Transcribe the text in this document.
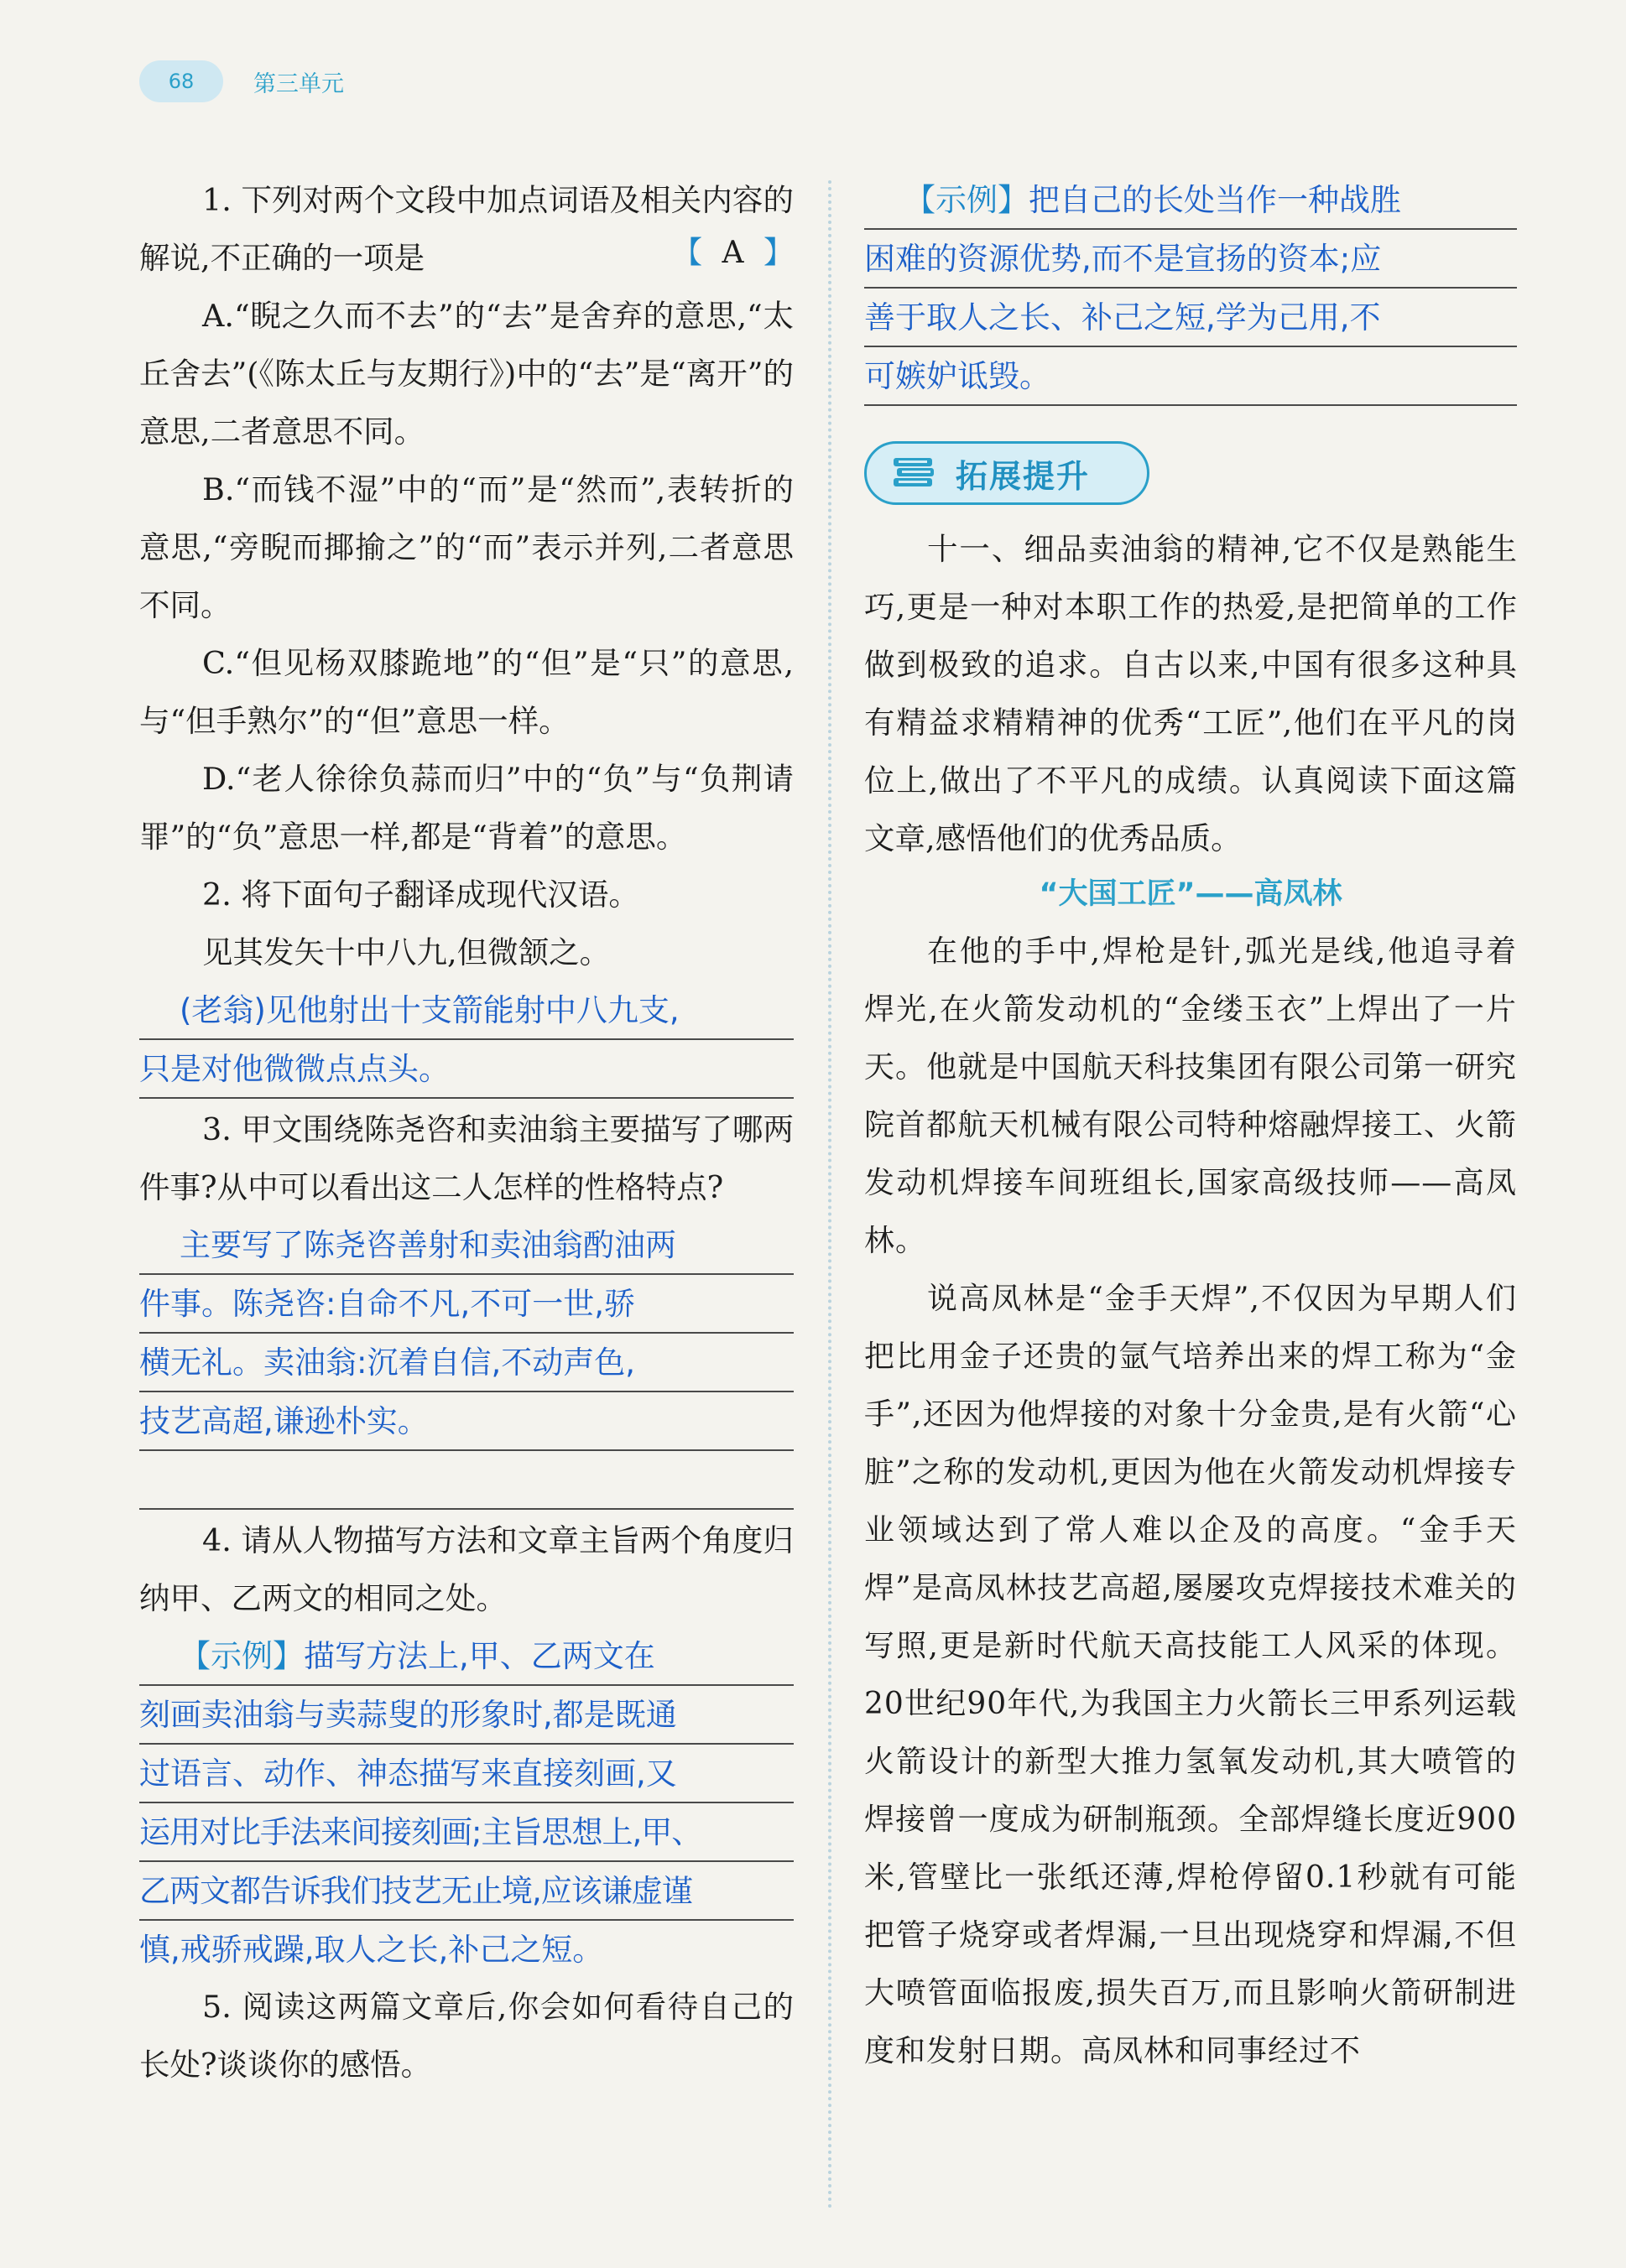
68	第三单元

1. 下列对两个文段中加点词语及相关内容的解说,不正确的一项是	【 A 】

A.“睨之久而不去”的“去”是舍弃的意思,“太丘舍去”(《陈太丘与友期行》)中的“去”是“离开”的意思,二者意思不同。

B.“而钱不湿”中的“而”是“然而”,表转折的意思,“旁睨而揶揄之”的“而”表示并列,二者意思不同。

C.“但见杨双膝跪地”的“但”是“只”的意思,与“但手熟尔”的“但”意思一样。

D.“老人徐徐负蒜而归”中的“负”与“负荆请罪”的“负”意思一样,都是“背着”的意思。

2. 将下面句子翻译成现代汉语。

见其发矢十中八九,但微颔之。

(老翁)见他射出十支箭能射中八九支,
只是对他微微点点头。

3. 甲文围绕陈尧咨和卖油翁主要描写了哪两件事?从中可以看出这二人怎样的性格特点?

主要写了陈尧咨善射和卖油翁酌油两
件事。陈尧咨:自命不凡,不可一世,骄
横无礼。卖油翁:沉着自信,不动声色,
技艺高超,谦逊朴实。

4. 请从人物描写方法和文章主旨两个角度归纳甲、乙两文的相同之处。

【示例】描写方法上,甲、乙两文在
刻画卖油翁与卖蒜叟的形象时,都是既通
过语言、动作、神态描写来直接刻画,又
运用对比手法来间接刻画;主旨思想上,甲、
乙两文都告诉我们技艺无止境,应该谦虚谨
慎,戒骄戒躁,取人之长,补己之短。

5. 阅读这两篇文章后,你会如何看待自己的长处?谈谈你的感悟。

【示例】把自己的长处当作一种战胜
困难的资源优势,而不是宣扬的资本;应
善于取人之长、补己之短,学为己用,不
可嫉妒诋毁。
拓展提升

十一、细品卖油翁的精神,它不仅是熟能生巧,更是一种对本职工作的热爱,是把简单的工作做到极致的追求。自古以来,中国有很多这种具有精益求精精神的优秀“工匠”,他们在平凡的岗位上,做出了不平凡的成绩。认真阅读下面这篇文章,感悟他们的优秀品质。

“大国工匠”——高凤林

在他的手中,焊枪是针,弧光是线,他追寻着焊光,在火箭发动机的“金缕玉衣”上焊出了一片天。他就是中国航天科技集团有限公司第一研究院首都航天机械有限公司特种熔融焊接工、火箭发动机焊接车间班组长,国家高级技师——高凤林。

说高凤林是“金手天焊”,不仅因为早期人们把比用金子还贵的氩气培养出来的焊工称为“金手”,还因为他焊接的对象十分金贵,是有火箭“心脏”之称的发动机,更因为他在火箭发动机焊接专业领域达到了常人难以企及的高度。“金手天焊”是高凤林技艺高超,屡屡攻克焊接技术难关的写照,更是新时代航天高技能工人风采的体现。20世纪90年代,为我国主力火箭长三甲系列运载火箭设计的新型大推力氢氧发动机,其大喷管的焊接曾一度成为研制瓶颈。全部焊缝长度近900米,管壁比一张纸还薄,焊枪停留0.1秒就有可能把管子烧穿或者焊漏,一旦出现烧穿和焊漏,不但大喷管面临报废,损失百万,而且影响火箭研制进度和发射日期。高凤林和同事经过不
